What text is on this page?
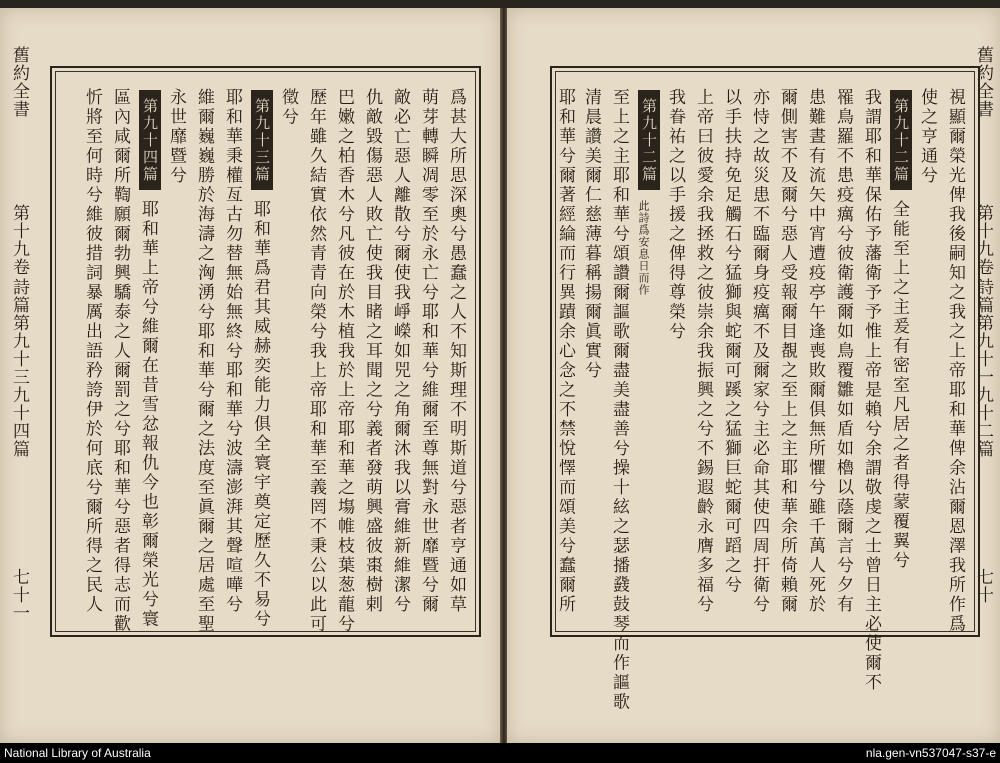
舊約全書
第十九卷
詩篇第九十三九十四篇
七十一	爲甚大所思深奧兮愚蠢之人不知斯理不明斯道兮惡者亨通如草
萌芽轉瞬凋零至於永亡兮耶和華兮維爾至尊無對永世靡暨兮爾
敵必亡惡人離散兮爾使我崢嶸如兕之角爾沐我以膏維新維潔兮
仇敵毀傷惡人敗亡使我目睹之耳聞之兮義者發萌興盛彼棗樹剌
巴嫩之柏香木兮凡彼在於木植我於上帝耶和華之塲帷枝葉葱蘢兮
歷年雖久結實依然青青向榮兮我上帝耶和華至義罔不秉公以此可
徵兮
第九十三篇
耶和華爲君其威赫奕能力俱全寰宇奠定歷久不易兮
耶和華秉權亙古勿替無始無終兮耶和華兮波濤澎湃其聲喧嘩兮
維爾巍巍勝於海濤之洶湧兮耶和華兮爾之法度至眞爾之居處至聖
永世靡暨兮
第九十四篇
耶和華上帝兮維爾在昔雪忿報仇今也彰爾榮光兮寰
區內咸爾所鞫願爾勃興驕泰之人爾罰之兮耶和華兮惡者得志而歡
忻將至何時兮維彼措詞暴厲出語矜誇伊於何底兮爾所得之民人
舊約全書
第十九卷
詩篇第九十一九十二篇
七十
視顯爾榮光俾我後嗣知之我之上帝耶和華俾余沾爾恩澤我所作爲
使之亨通兮
第九十二篇
全能至上之主爰有密室凡居之者得蒙覆翼兮
我謂耶和華保佑予藩衛予予惟上帝是賴兮余謂敬虔之士曾日主必使爾不
罹鳥羅不患疫癘兮彼衛護爾如鳥覆雛如盾如櫓以蔭爾言兮夕有
患難晝有流矢中宵遭疫亭午逢喪敗爾俱無所懼兮雖千萬人死於
爾側害不及爾兮惡人受報爾目覩之至上之主耶和華余所倚賴爾
亦恃之故災患不臨爾身疫癘不及爾家兮主必命其使四周扞衛兮
以手扶持免足觸石兮猛獅與蛇爾可蹊之猛獅巨蛇爾可蹈之兮
上帝曰彼愛余我拯救之彼崇余我振興之兮不錫遐齡永膺多福兮
我眷祐之以手援之俾得尊榮兮
第九十二篇
此詩爲安息日而作
至上之主耶和華兮頌讚爾謳歌爾盡美盡善兮操十絃之瑟播鼗鼓琴而作謳歌
清晨讚美爾仁慈薄暮稱揚爾眞實兮
耶和華兮爾著經綸而行異蹟余心念之不禁悅懌而頌美兮蠢爾所
National Library of Australia	nla.gen-vn537047-s37-e
